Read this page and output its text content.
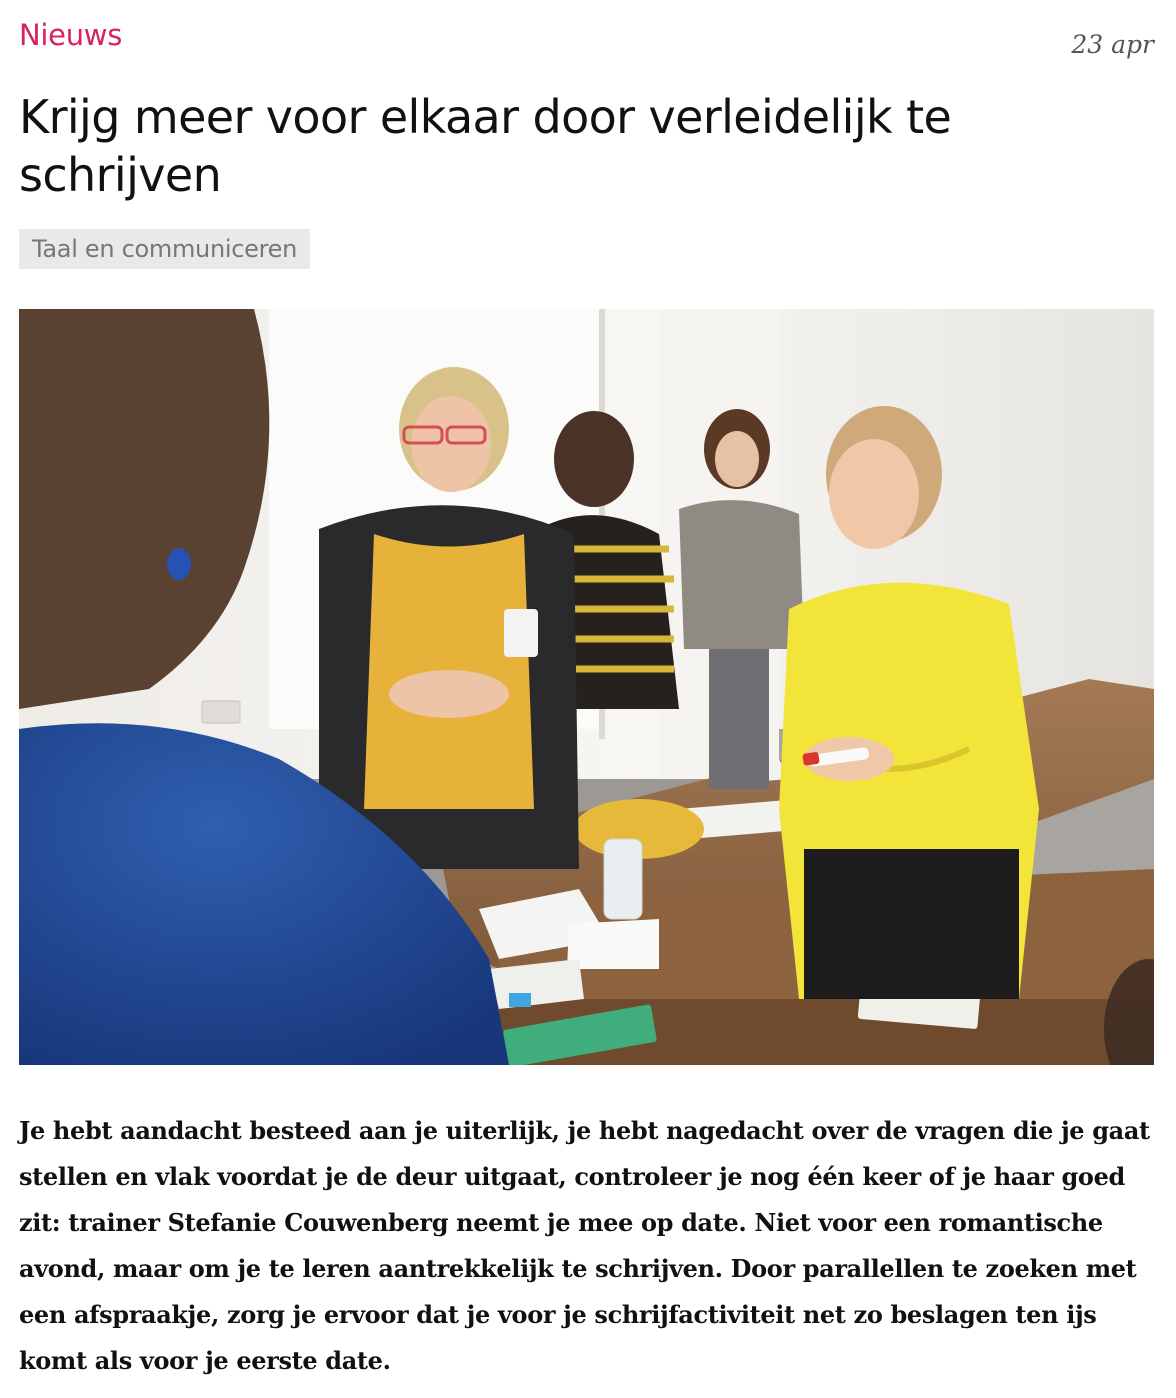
Nieuws	23 apr
Krijg meer voor elkaar door verleidelijk te schrijven
Taal en communiceren

Je hebt aandacht besteed aan je uiterlijk, je hebt nagedacht over de vragen die je gaat stellen en vlak voordat je de deur uitgaat, controleer je nog één keer of je haar goed zit: trainer Stefanie Couwenberg neemt je mee op date. Niet voor een romantische avond, maar om je te leren aantrekkelijk te schrijven. Door parallellen te zoeken met een afspraakje, zorg je ervoor dat je voor je schrijfactiviteit net zo beslagen ten ijs komt als voor je eerste date.
